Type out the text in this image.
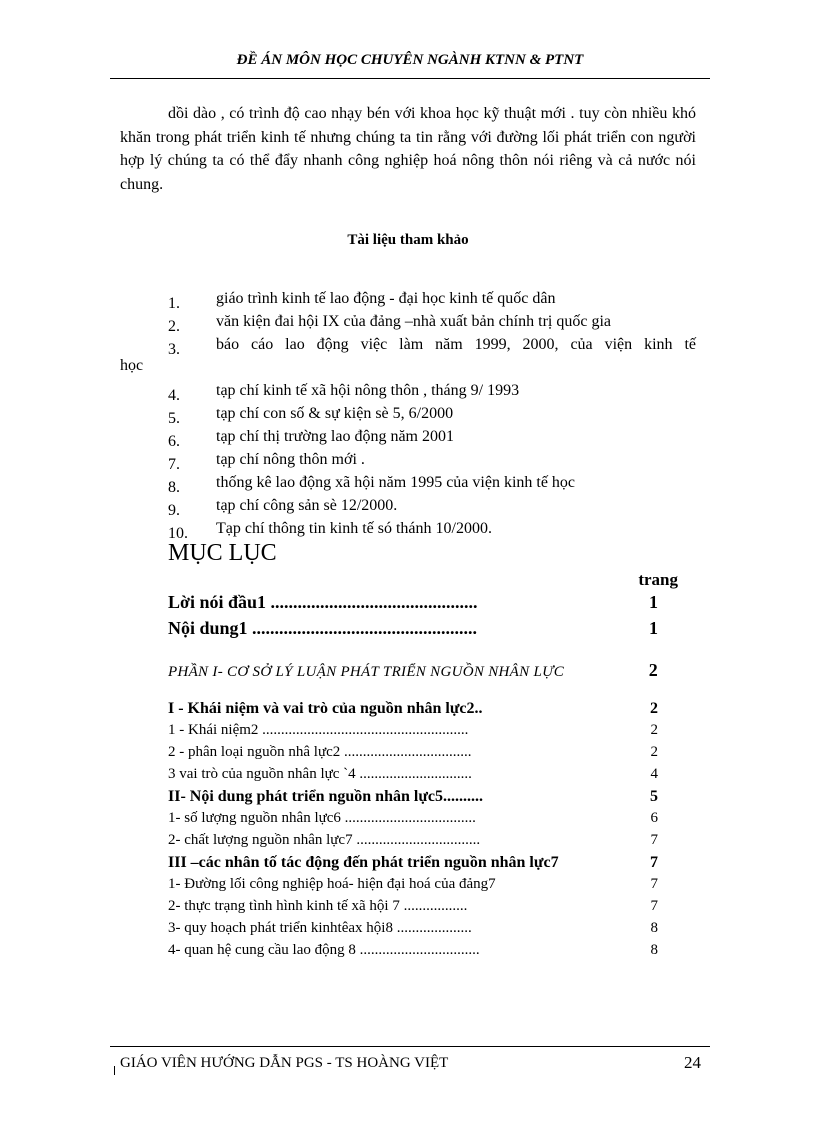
ĐỀ ÁN MÔN HỌC CHUYÊN NGÀNH KTNN & PTNT

dồi dào , có trình độ cao nhạy bén với khoa học kỹ thuật mới . tuy còn nhiều khó khăn trong phát triển kinh tế nhưng chúng ta tin rằng với đường lối phát triển con người hợp lý chúng ta có thể đẩy nhanh công nghiệp hoá nông thôn nói riêng và cả nước nói chung.

Tài liệu tham khảo
1. giáo trình kinh tế lao động - đại học kinh tế quốc dân
2. văn kiện đai hội IX của đảng –nhà xuất bản chính trị quốc gia
3. báo cáo lao động việc làm năm 1999, 2000, của viện kinh tế
học
4. tạp chí kinh tế xã hội nông thôn , tháng 9/ 1993
5. tạp chí con số & sự kiện sè 5, 6/2000
6. tạp chí thị trường lao động năm 2001
7. tạp chí nông thôn mới .
8. thống kê lao động xã hội năm 1995 của viện kinh tế học
9. tạp chí công sản sè 12/2000.
10. Tạp chí thông tin kinh tế só thánh 10/2000.
MỤC LỤC
trang
Lời nói đầu1 ..............................................	1
Nội dung1 ..................................................	1
PHẦN I- CƠ SỞ LÝ LUẬN PHÁT TRIỂN NGUỒN NHÂN LỰC	2
I - Khái niệm và vai trò của nguồn nhân lực2..	2
1 - Khái niệm2 .......................................................	2
2 - phân loại nguồn nhâ lực2 ..................................	2
3 vai trò của nguồn nhân lực `4 ..............................	4
II- Nội dung phát triển nguồn nhân lực5..........	5
1- số lượng nguồn nhân lực6 ...................................	6
2- chất lượng nguồn nhân lực7 .................................	7
III –các nhân tố tác động đến phát triển nguồn nhân lực7	7
1- Đường lối công nghiệp hoá- hiện đại hoá của đảng7	7
2- thực trạng tình hình kinh tế xã hội 7 .................	7
3- quy hoạch phát triển kinhtêax hội8 ....................	8
4- quan hệ cung cầu lao động 8 ................................	8
GIÁO VIÊN HƯỚNG DẪN PGS - TS HOÀNG VIỆT	24
